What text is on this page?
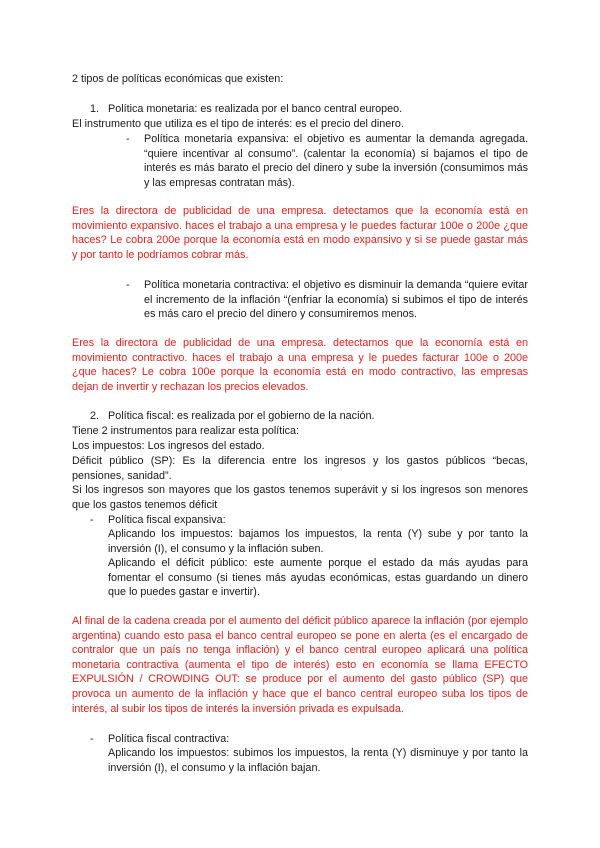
2 tipos de políticas económicas que existen:

1. Política monetaria: es realizada por el banco central europeo.

El instrumento que utiliza es el tipo de interés: es el precio del dinero.

- Política monetaria expansiva: el objetivo es aumentar la demanda agregada. “quiere incentivar al consumo”. (calentar la economía) si bajamos el tipo de interés es más barato el precio del dinero y sube la inversión (consumimos más y las empresas contratan más).

Eres la directora de publicidad de una empresa. detectamos que la economía está en movimiento expansivo. haces el trabajo a una empresa y le puedes facturar 100e o 200e ¿que haces? Le cobra 200e porque la economía está en modo expansivo y si se puede gastar más y por tanto le podríamos cobrar más.

- Política monetaria contractiva: el objetivo es disminuir la demanda “quiere evitar el incremento de la inflación “(enfriar la economía) si subimos el tipo de interés es más caro el precio del dinero y consumiremos menos.

Eres la directora de publicidad de una empresa. detectamos que la economía está en movimiento contractivo. haces el trabajo a una empresa y le puedes facturar 100e o 200e ¿que haces? Le cobra 100e porque la economía está en modo contractivo, las empresas dejan de invertir y rechazan los precios elevados.

2. Política fiscal: es realizada por el gobierno de la nación.

Tiene 2 instrumentos para realizar esta política:

Los impuestos: Los ingresos del estado.

Déficit público (SP): Es la diferencia entre los ingresos y los gastos públicos “becas, pensiones, sanidad”.

Si los ingresos son mayores que los gastos tenemos superávit y si los ingresos son menores que los gastos tenemos déficit

- Política fiscal expansiva:

Aplicando los impuestos: bajamos los impuestos, la renta (Y) sube y por tanto la inversión (I), el consumo y la inflación suben.

Aplicando el déficit público: este aumente porque el estado da más ayudas para fomentar el consumo (si tienes más ayudas económicas, estas guardando un dinero que lo puedes gastar e invertir).

Al final de la cadena creada por el aumento del déficit público aparece la inflación (por ejemplo argentina) cuando esto pasa el banco central europeo se pone en alerta (es el encargado de contralor que un país no tenga inflación) y el banco central europeo aplicará una política monetaria contractiva (aumenta el tipo de interés) esto en economía se llama EFECTO EXPULSIÓN / CROWDING OUT: se produce por el aumento del gasto público (SP) que provoca un aumento de la inflación y hace que el banco central europeo suba los tipos de interés, al subir los tipos de interés la inversión privada es expulsada.

- Política fiscal contractiva:

Aplicando los impuestos: subimos los impuestos, la renta (Y) disminuye y por tanto la inversión (I), el consumo y la inflación bajan.
